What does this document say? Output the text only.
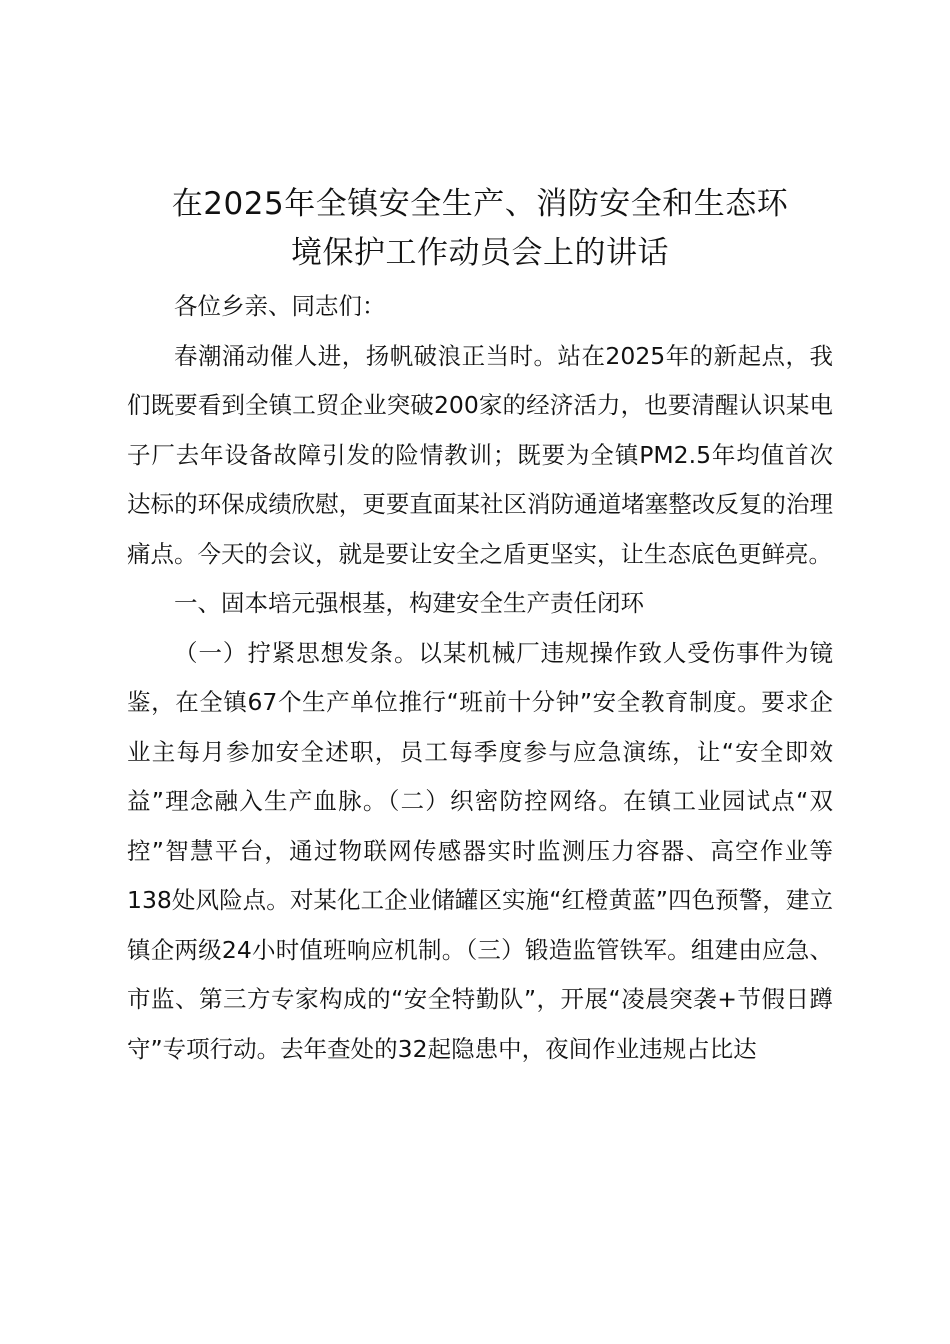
在2025年全镇安全生产、消防安全和生态环
境保护工作动员会上的讲话

各位乡亲、同志们：

春潮涌动催人进，扬帆破浪正当时。站在2025年的新起点，我们既要看到全镇工贸企业突破200家的经济活力，也要清醒认识某电子厂去年设备故障引发的险情教训；既要为全镇PM2.5年均值首次达标的环保成绩欣慰，更要直面某社区消防通道堵塞整改反复的治理痛点。今天的会议，就是要让安全之盾更坚实，让生态底色更鲜亮。

一、固本培元强根基，构建安全生产责任闭环

（一）拧紧思想发条。以某机械厂违规操作致人受伤事件为镜鉴，在全镇67个生产单位推行“班前十分钟”安全教育制度。要求企业主每月参加安全述职，员工每季度参与应急演练，让“安全即效益”理念融入生产血脉。（二）织密防控网络。在镇工业园试点“双控”智慧平台，通过物联网传感器实时监测压力容器、高空作业等138处风险点。对某化工企业储罐区实施“红橙黄蓝”四色预警，建立镇企两级24小时值班响应机制。（三）锻造监管铁军。组建由应急、市监、第三方专家构成的“安全特勤队”，开展“凌晨突袭+节假日蹲守”专项行动。去年查处的32起隐患中，夜间作业违规占比达
